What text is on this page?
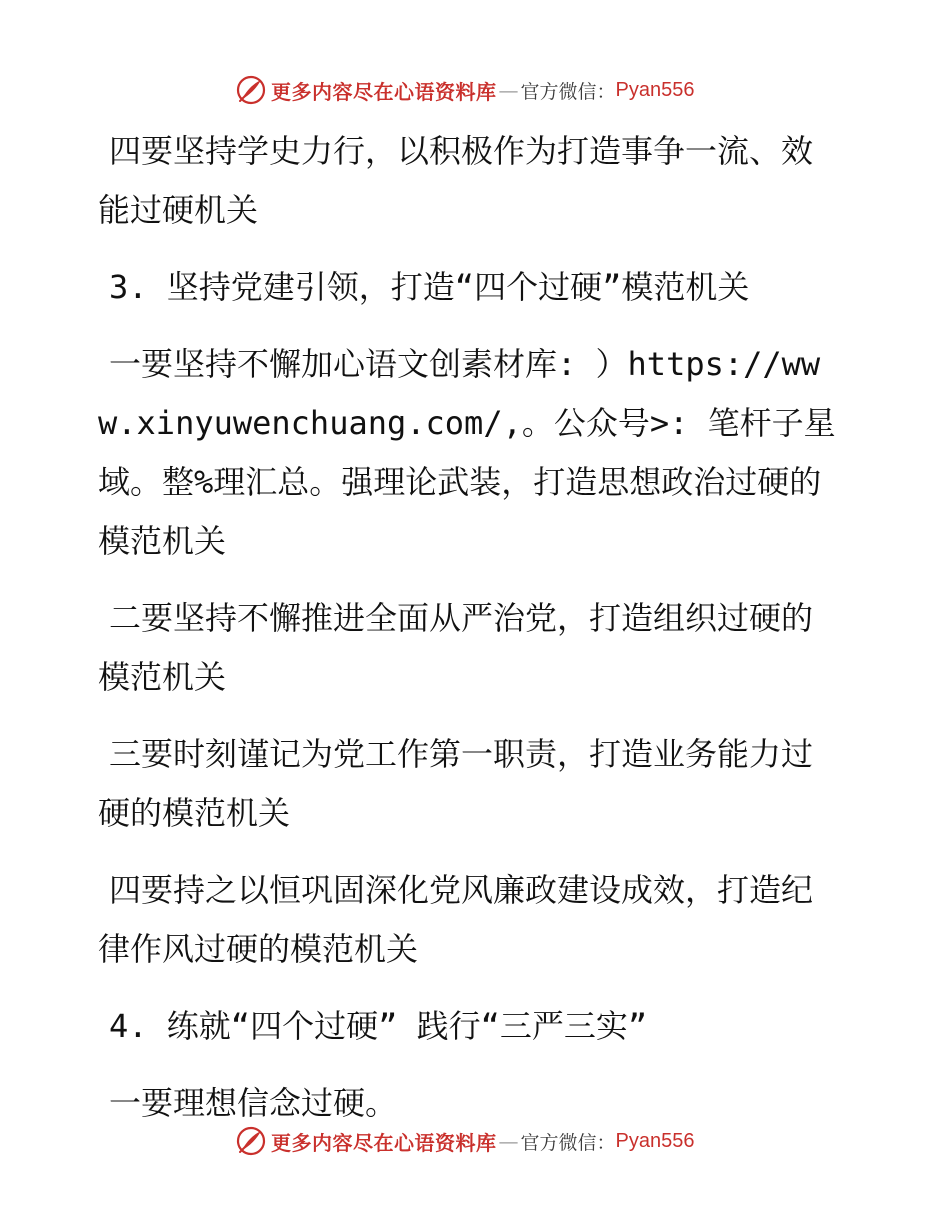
更多内容尽在心语资料库 — 官方微信： Pyan556

四要坚持学史力行，以积极作为打造事争一流、效能过硬机关

3. 坚持党建引领，打造“四个过硬”模范机关

一要坚持不懈加心语文创素材库: ）https://www.xinyuwenchuang.com/,。公众号>: 笔杆子星域。整%理汇总。强理论武装，打造思想政治过硬的模范机关

二要坚持不懈推进全面从严治党，打造组织过硬的模范机关

三要时刻谨记为党工作第一职责，打造业务能力过硬的模范机关

四要持之以恒巩固深化党风廉政建设成效，打造纪律作风过硬的模范机关

4. 练就“四个过硬” 践行“三严三实”

一要理想信念过硬。

更多内容尽在心语资料库 — 官方微信： Pyan556
